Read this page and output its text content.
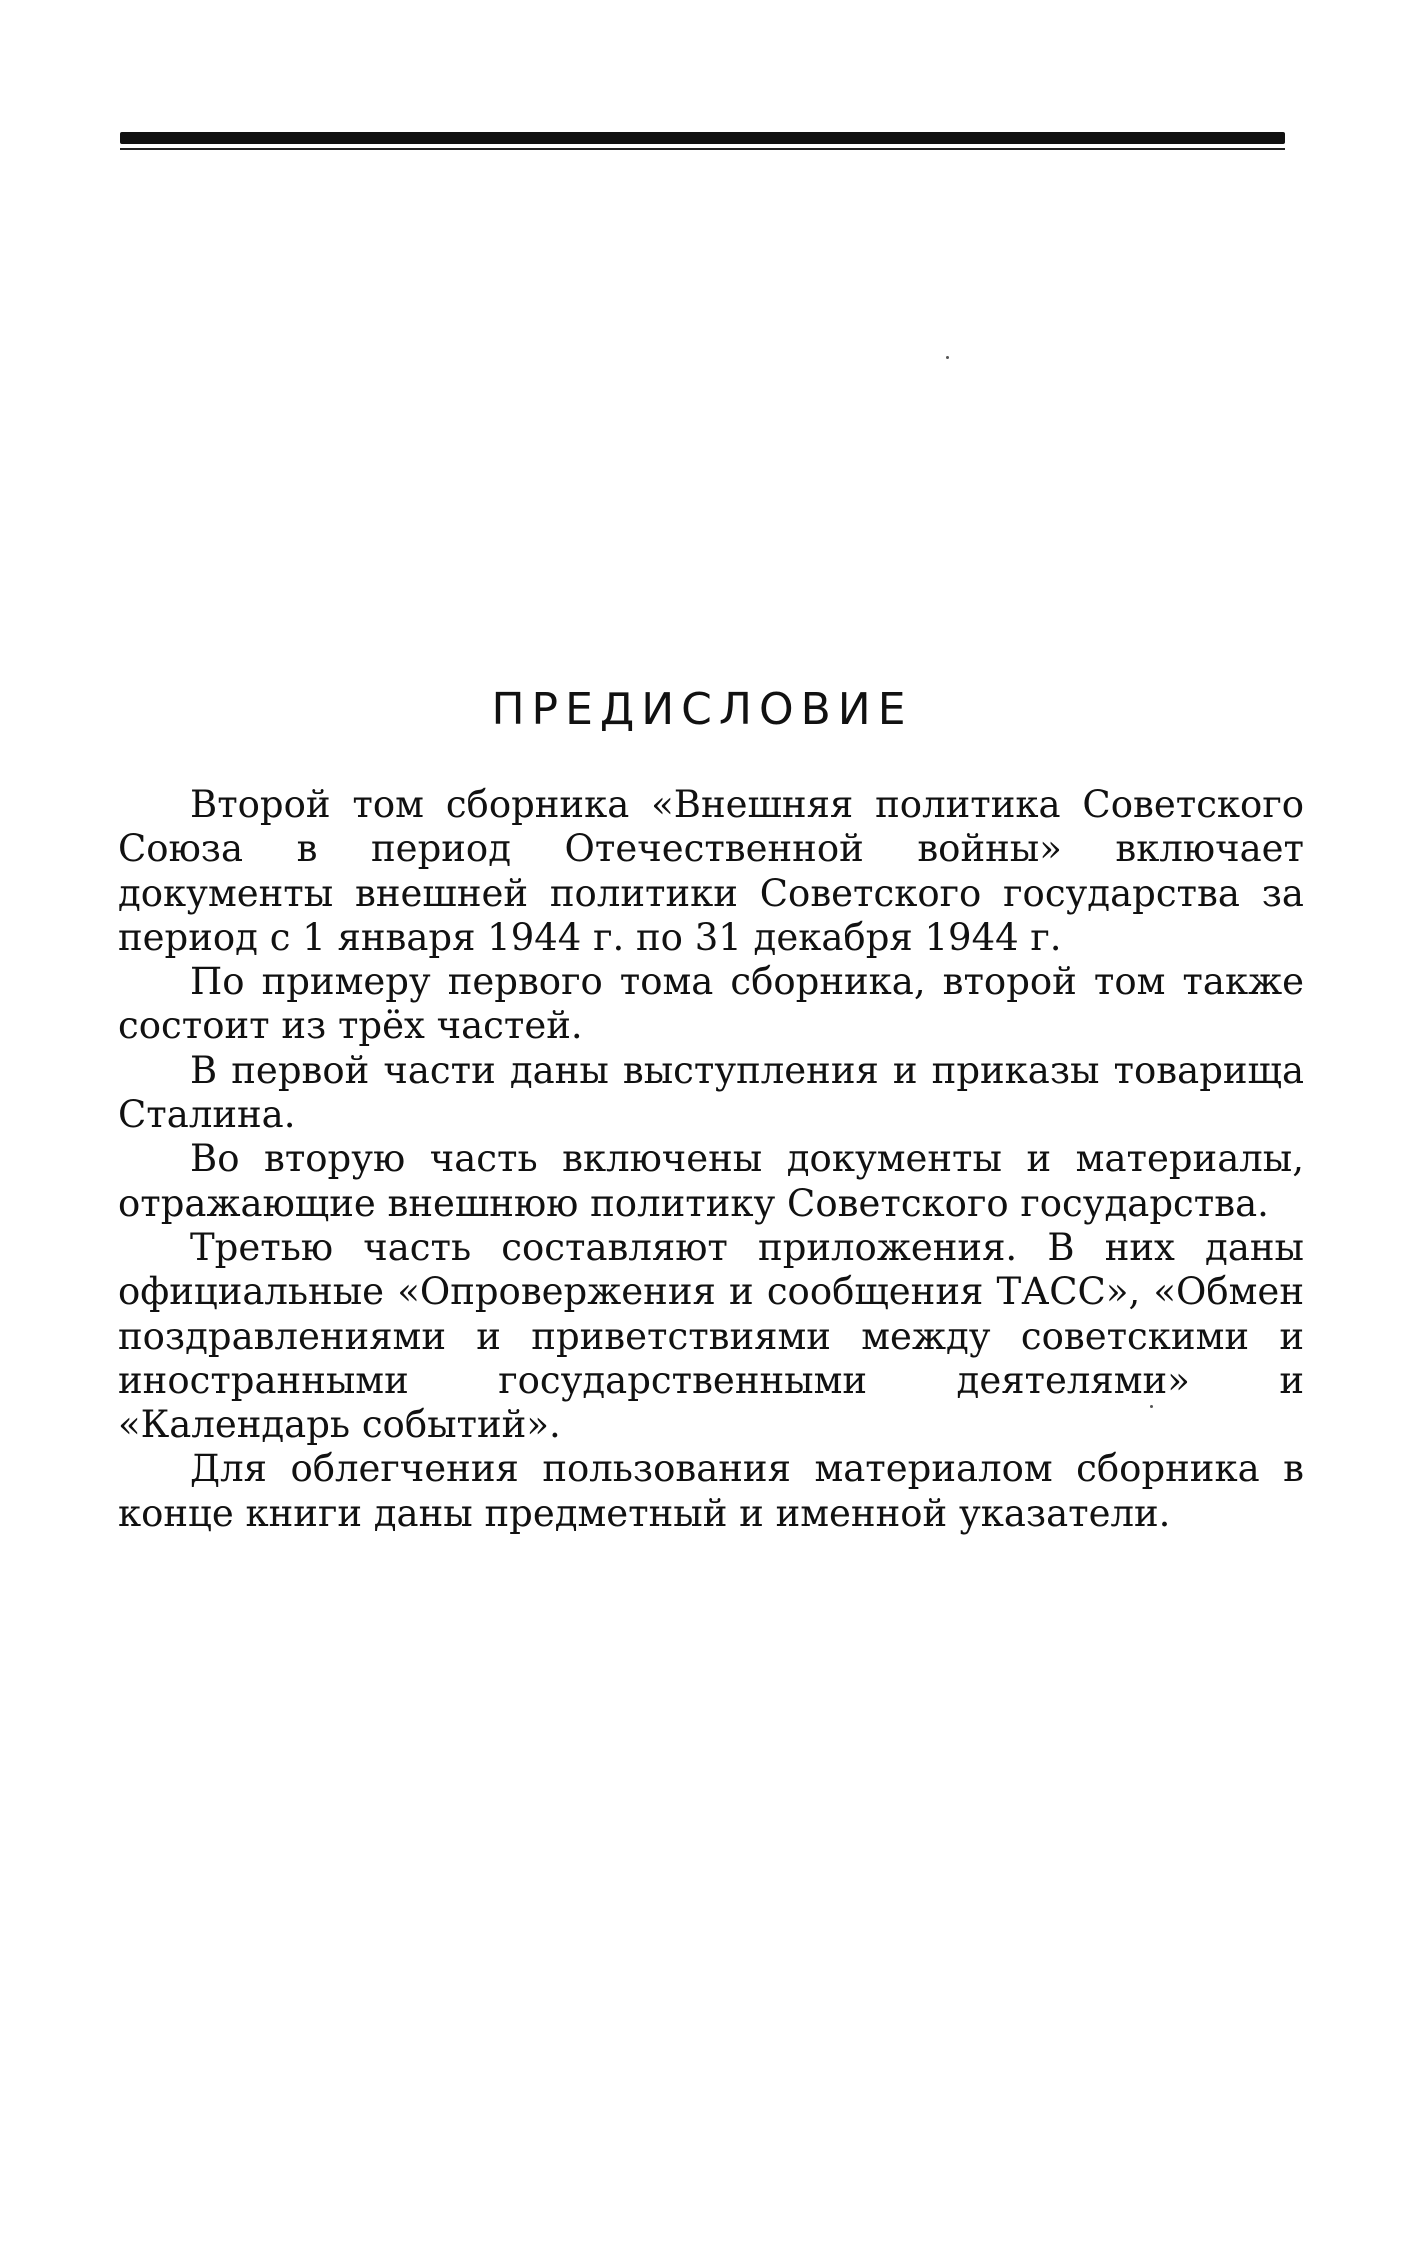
ПРЕДИСЛОВИЕ

Второй том сборника «Внешняя политика Советского Союза в период Отечественной войны» включает документы внешней политики Советского государства за период с 1 января 1944 г. по 31 декабря 1944 г.

По примеру первого тома сборника, второй том также состоит из трёх частей.

В первой части даны выступления и приказы товарища Сталина.

Во вторую часть включены документы и материалы, отражающие внешнюю политику Советского государства.

Третью часть составляют приложения. В них даны официальные «Опровержения и сообщения ТАСС», «Обмен поздравлениями и приветствиями между советскими и иностранными государственными деятелями» и «Календарь событий».

Для облегчения пользования материалом сборника в конце книги даны предметный и именной указатели.
